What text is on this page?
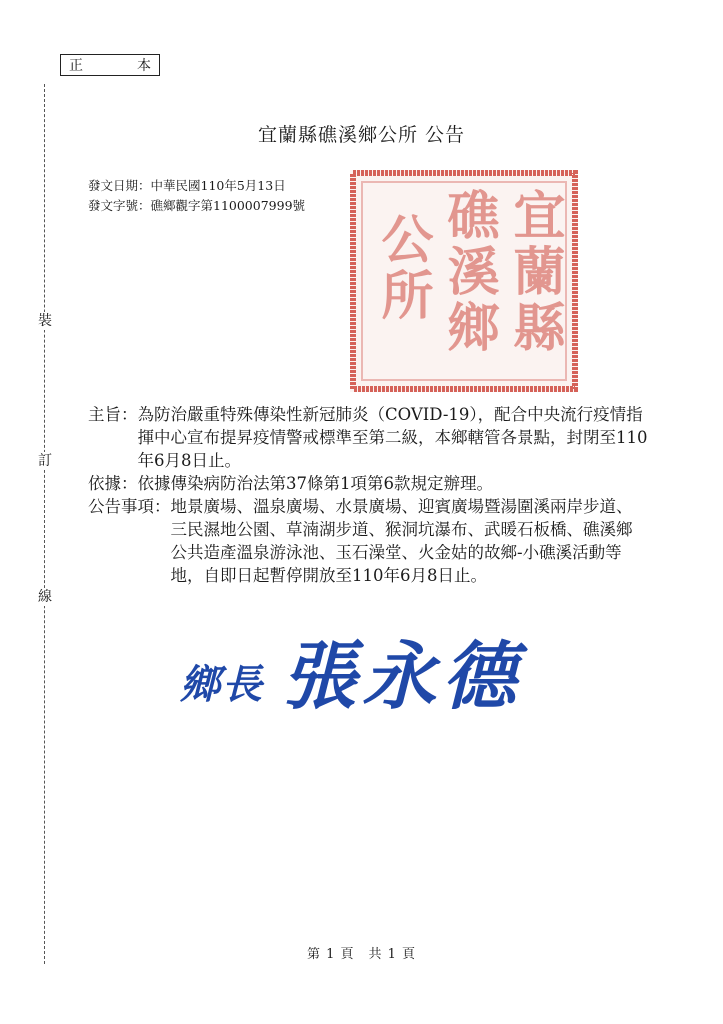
正	本
裝
訂
線
宜蘭縣礁溪鄉公所 公告
發文日期：中華民國110年5月13日
發文字號：礁鄉觀字第1100007999號	宜蘭縣
礁溪鄉
公所
主旨： 為防治嚴重特殊傳染性新冠肺炎（COVID-19），配合中央流行疫情指揮中心宣布提昇疫情警戒標準至第二級，本鄉轄管各景點，封閉至110年6月8日止。
依據： 依據傳染病防治法第37條第1項第6款規定辦理。
公告事項： 地景廣場、溫泉廣場、水景廣場、迎賓廣場暨湯圍溪兩岸步道、三民濕地公園、草湳湖步道、猴洞坑瀑布、武暖石板橋、礁溪鄉公共造產溫泉游泳池、玉石澡堂、火金姑的故鄉-小礁溪活動等地，自即日起暫停開放至110年6月8日止。
鄉長 張永德
第 1 頁　共 1 頁
